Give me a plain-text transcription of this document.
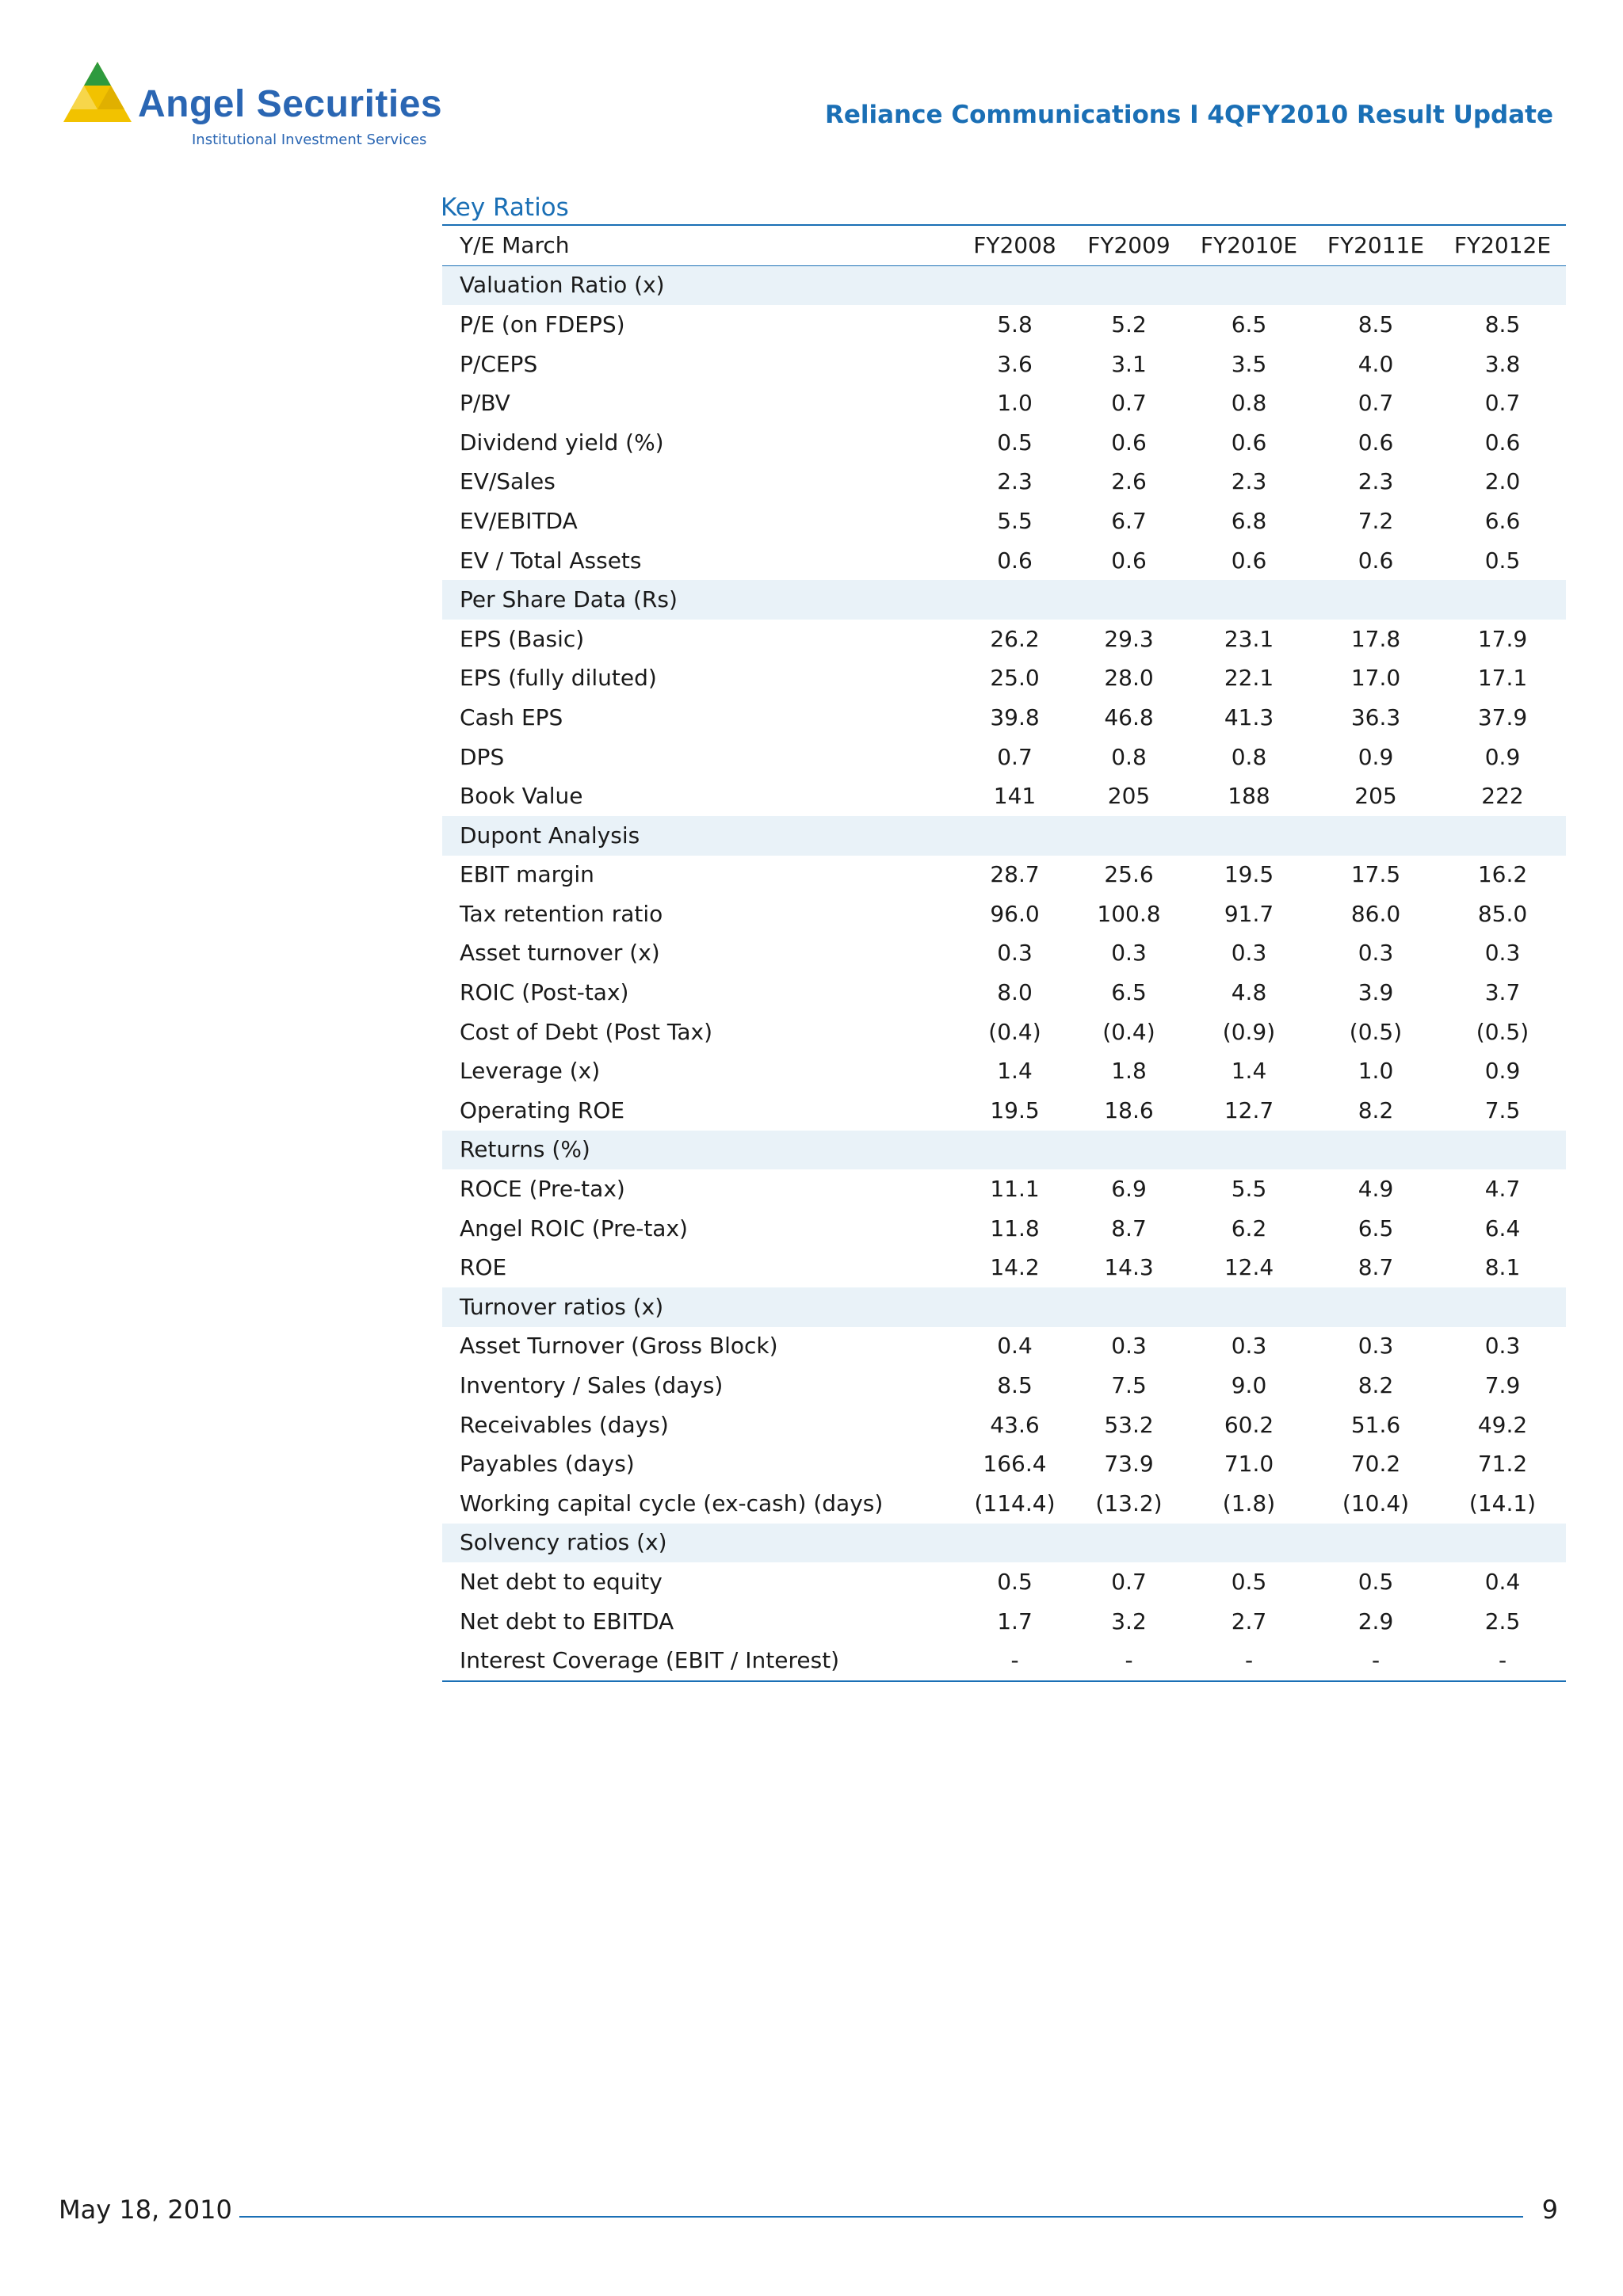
Angel Securities
Institutional Investment Services
Reliance Communications I 4QFY2010 Result Update
Key Ratios
Y/E March	FY2008	FY2009	FY2010E	FY2011E	FY2012E
Valuation Ratio (x)					
P/E (on FDEPS)	5.8	5.2	6.5	8.5	8.5
P/CEPS	3.6	3.1	3.5	4.0	3.8
P/BV	1.0	0.7	0.8	0.7	0.7
Dividend yield (%)	0.5	0.6	0.6	0.6	0.6
EV/Sales	2.3	2.6	2.3	2.3	2.0
EV/EBITDA	5.5	6.7	6.8	7.2	6.6
EV / Total Assets	0.6	0.6	0.6	0.6	0.5
Per Share Data (Rs)					
EPS (Basic)	26.2	29.3	23.1	17.8	17.9
EPS (fully diluted)	25.0	28.0	22.1	17.0	17.1
Cash EPS	39.8	46.8	41.3	36.3	37.9
DPS	0.7	0.8	0.8	0.9	0.9
Book Value	141	205	188	205	222
Dupont Analysis					
EBIT margin	28.7	25.6	19.5	17.5	16.2
Tax retention ratio	96.0	100.8	91.7	86.0	85.0
Asset turnover (x)	0.3	0.3	0.3	0.3	0.3
ROIC (Post-tax)	8.0	6.5	4.8	3.9	3.7
Cost of Debt (Post Tax)	(0.4)	(0.4)	(0.9)	(0.5)	(0.5)
Leverage (x)	1.4	1.8	1.4	1.0	0.9
Operating ROE	19.5	18.6	12.7	8.2	7.5
Returns (%)					
ROCE (Pre-tax)	11.1	6.9	5.5	4.9	4.7
Angel ROIC (Pre-tax)	11.8	8.7	6.2	6.5	6.4
ROE	14.2	14.3	12.4	8.7	8.1
Turnover ratios (x)					
Asset Turnover (Gross Block)	0.4	0.3	0.3	0.3	0.3
Inventory / Sales (days)	8.5	7.5	9.0	8.2	7.9
Receivables (days)	43.6	53.2	60.2	51.6	49.2
Payables (days)	166.4	73.9	71.0	70.2	71.2
Working capital cycle (ex-cash) (days)	(114.4)	(13.2)	(1.8)	(10.4)	(14.1)
Solvency ratios (x)					
Net debt to equity	0.5	0.7	0.5	0.5	0.4
Net debt to EBITDA	1.7	3.2	2.7	2.9	2.5
Interest Coverage (EBIT / Interest)	-	-	-	-	-
May 18, 2010	9
